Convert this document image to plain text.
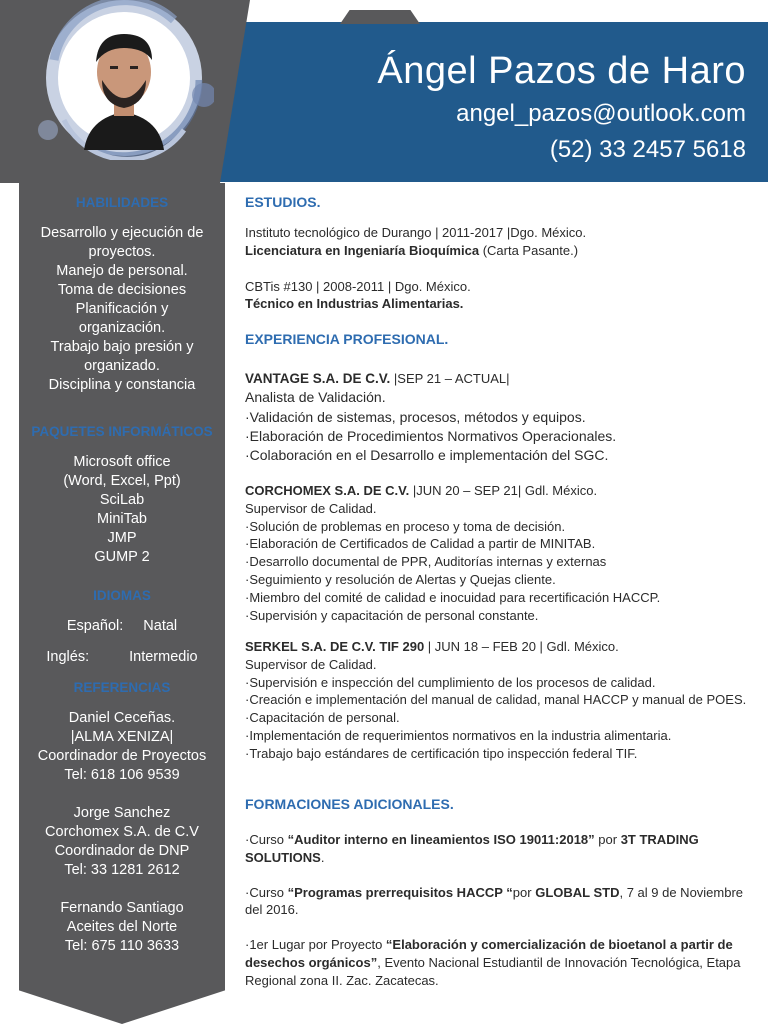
Ángel Pazos de Haro
angel_pazos@outlook.com
(52) 33 2457 5618
HABILIDADES
Desarrollo y ejecución de proyectos.
Manejo de personal.
Toma de decisiones
Planificación y organización.
Trabajo bajo presión y organizado.
Disciplina y constancia
PAQUETES INFORMÁTICOS
Microsoft office
(Word, Excel, Ppt)
SciLab
MiniTab
JMP
GUMP 2
IDIOMAS
Español: Natal
Inglés:	Intermedio
REFERENCIAS
Daniel Ceceñas.
|ALMA XENIZA|
Coordinador de Proyectos
Tel: 618 106 9539
Jorge Sanchez
Corchomex S.A. de C.V
Coordinador de DNP
Tel: 33 1281 2612
Fernando Santiago
Aceites del Norte
Tel: 675 110 3633
ESTUDIOS.

Instituto tecnológico de Durango | 2011-2017 |Dgo. México.

Licenciatura en Ingeniaría Bioquímica (Carta Pasante.)

CBTis #130 | 2008-2011 | Dgo. México.

Técnico en Industrias Alimentarias.

EXPERIENCIA PROFESIONAL.

VANTAGE S.A. DE C.V. |SEP 21 – ACTUAL|

Analista de Validación.

·Validación de sistemas, procesos, métodos y equipos.

·Elaboración de Procedimientos Normativos Operacionales.

·Colaboración en el Desarrollo e implementación del SGC.

CORCHOMEX S.A. DE C.V. |JUN 20 – SEP 21| Gdl. México.

Supervisor de Calidad.

·Solución de problemas en proceso y toma de decisión.

·Elaboración de Certificados de Calidad a partir de MINITAB.

·Desarrollo documental de PPR, Auditorías internas y externas

·Seguimiento y resolución de Alertas y Quejas cliente.

·Miembro del comité de calidad e inocuidad para recertificación HACCP.

·Supervisión y capacitación de personal constante.

SERKEL S.A. DE C.V. TIF 290 | JUN 18 – FEB 20 | Gdl. México.

Supervisor de Calidad.

·Supervisión e inspección del cumplimiento de los procesos de calidad.

·Creación e implementación del manual de calidad, manal HACCP y manual de POES.

·Capacitación de personal.

·Implementación de requerimientos normativos en la industria alimentaria.

·Trabajo bajo estándares de certificación tipo inspección federal TIF.

FORMACIONES ADICIONALES.

·Curso “Auditor interno en lineamientos ISO 19011:2018” por 3T TRADING SOLUTIONS.

·Curso “Programas prerrequisitos HACCP “por GLOBAL STD, 7 al 9 de Noviembre del 2016.

·1er Lugar por Proyecto “Elaboración y comercialización de bioetanol a partir de desechos orgánicos”, Evento Nacional Estudiantil de Innovación Tecnológica, Etapa Regional zona II. Zac. Zacatecas.
